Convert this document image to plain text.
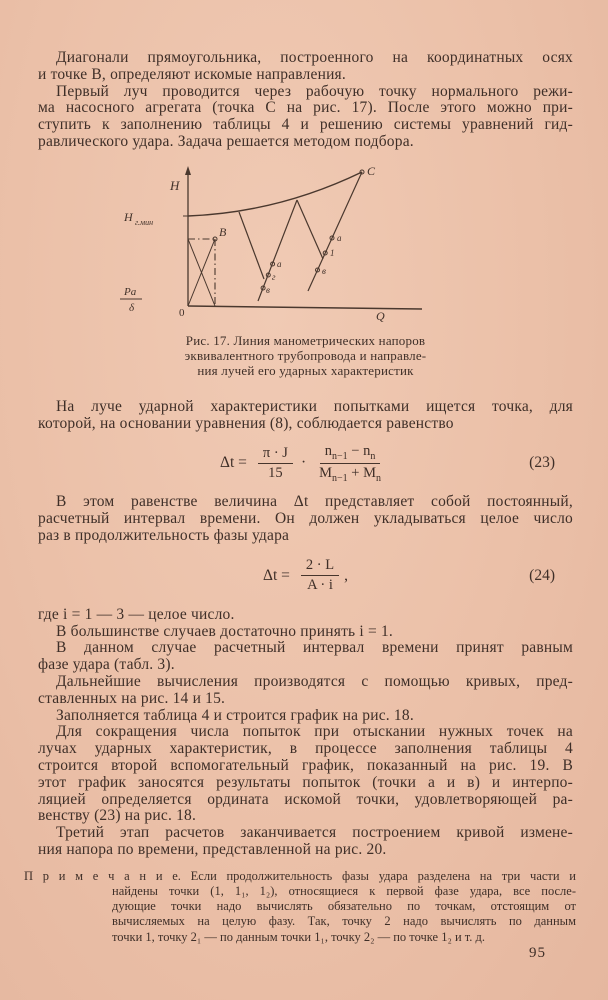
Диагонали прямоугольника, построенного на координатных осях
и точке В, определяют искомые направления.
Первый луч проводится через рабочую точку нормального режи-
ма насосного агрегата (точка С на рис. 17). После этого можно при-
ступить к заполнению таблицы 4 и решению системы уравнений гид-
равлического удара. Задача решается методом подбора.
H
H г.мин
Pа
δ	0
B
C
Q
а
г
в
а
1
в
Рис. 17. Линия манометрических напоров
эквивалентного трубопровода и направле-
ния лучей его ударных характеристик
На луче ударной характеристики попытками ищется точка, для
которой, на основании уравнения (8), соблюдается равенство
$\Delta t = \frac{\pi \cdot J}{15} \cdot \frac{n_{n-1} - n_n}{M_{n-1} + M_n}$	(23)
В этом равенстве величина Δt представляет собой постоянный,
расчетный интервал времени. Он должен укладываться целое число
раз в продолжительность фазы удара
$\Delta t = \frac{2 \cdot L}{A \cdot i}$ ,	(24)
где i = 1 — 3 — целое число.
В большинстве случаев достаточно принять i = 1.
В данном случае расчетный интервал времени принят равным
фазе удара (табл. 3).
Дальнейшие вычисления производятся с помощью кривых, пред-
ставленных на рис. 14 и 15.
Заполняется таблица 4 и строится график на рис. 18.
Для сокращения числа попыток при отыскании нужных точек на
лучах ударных характеристик, в процессе заполнения таблицы 4
строится второй вспомогательный график, показанный на рис. 19. В
этот график заносятся результаты попыток (точки а и в) и интерпо-
ляцией определяется ордината искомой точки, удовлетворяющей ра-
венству (23) на рис. 18.
Третий этап расчетов заканчивается построением кривой измене-
ния напора по времени, представленной на рис. 20.
П р и м е ч а н и е. Если продолжительность фазы удара разделена на три части и
найдены точки (1, 1₁, 1₂), относящиеся к первой фазе удара, все после-
дующие точки надо вычислять обязательно по точкам, отстоящим от
вычисляемых на целую фазу. Так, точку 2 надо вычислять по данным
точки 1, точку 2₁ — по данным точки 1₁, точку 2₂ — по точке 1₂ и т. д.
95
